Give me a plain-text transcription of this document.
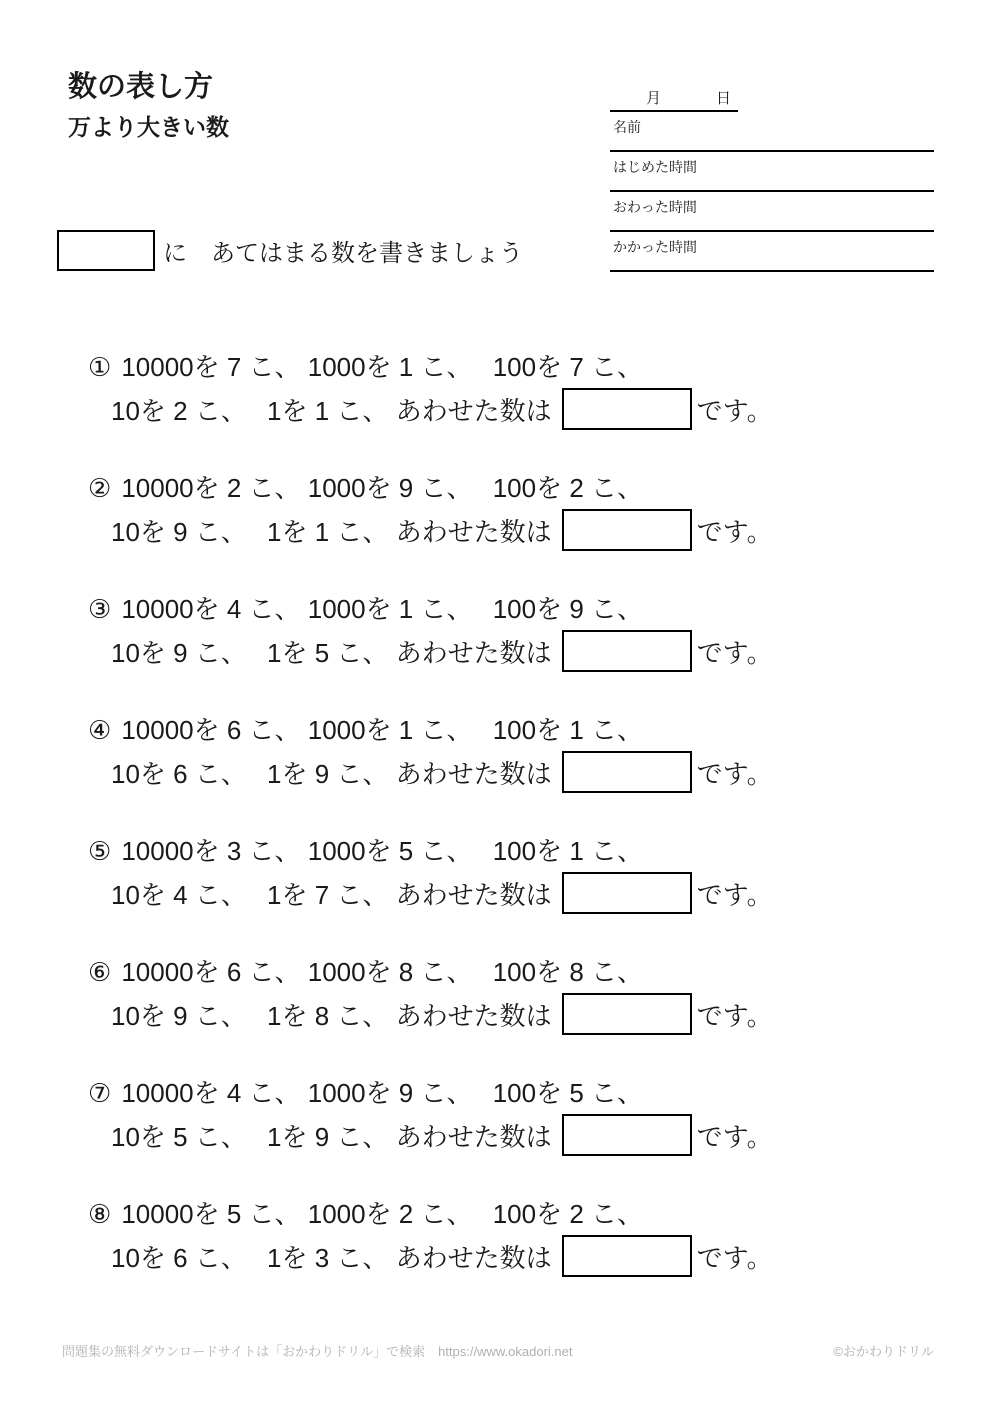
数の表し方
万より大きい数
月	日
名前
はじめた時間
おわった時間
かかった時間
に　あてはまる数を書きましょう
① 10000を 7 こ、 1000を 1 こ、　 100を 7 こ、
10を 2 こ、　 1を 1 こ、 あわせた数は	です。
② 10000を 2 こ、 1000を 9 こ、　 100を 2 こ、
10を 9 こ、　 1を 1 こ、 あわせた数は	です。
③ 10000を 4 こ、 1000を 1 こ、　 100を 9 こ、
10を 9 こ、　 1を 5 こ、 あわせた数は	です。
④ 10000を 6 こ、 1000を 1 こ、　 100を 1 こ、
10を 6 こ、　 1を 9 こ、 あわせた数は	です。
⑤ 10000を 3 こ、 1000を 5 こ、　 100を 1 こ、
10を 4 こ、　 1を 7 こ、 あわせた数は	です。
⑥ 10000を 6 こ、 1000を 8 こ、　 100を 8 こ、
10を 9 こ、　 1を 8 こ、 あわせた数は	です。
⑦ 10000を 4 こ、 1000を 9 こ、　 100を 5 こ、
10を 5 こ、　 1を 9 こ、 あわせた数は	です。
⑧ 10000を 5 こ、 1000を 2 こ、　 100を 2 こ、
10を 6 こ、　 1を 3 こ、 あわせた数は	です。
問題集の無料ダウンロードサイトは「おかわりドリル」で検索　https://www.okadori.net	©おかわりドリル
